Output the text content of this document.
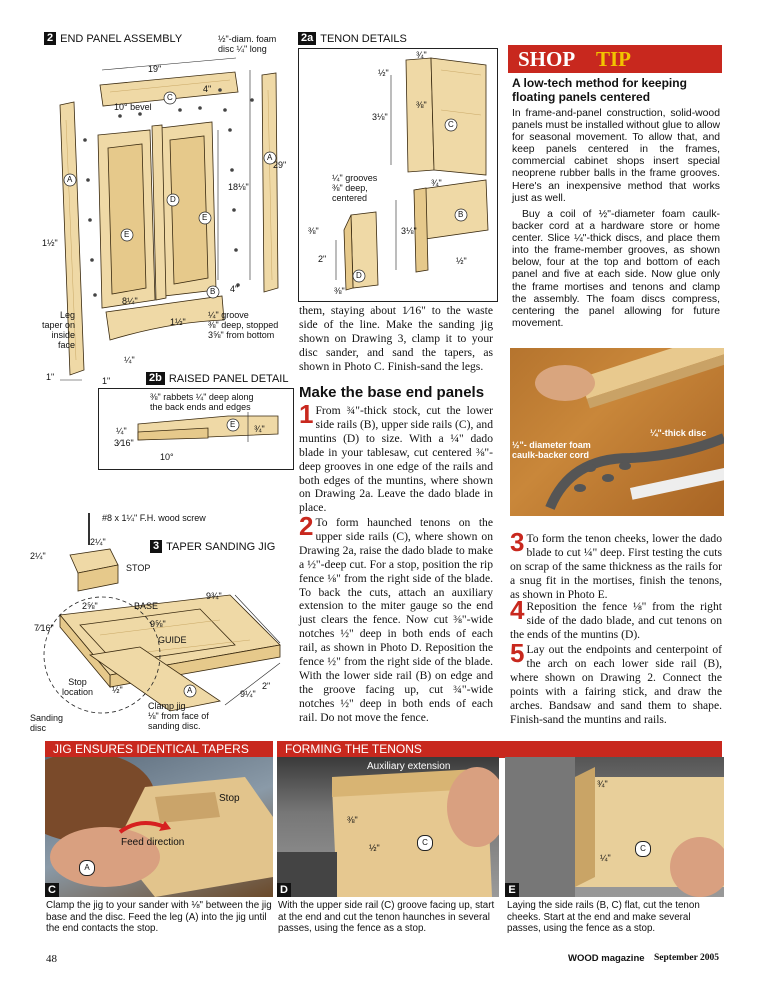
2 END PANEL ASSEMBLY
C
A
A
E
D
E
B
½"-diam. foam
disc ¼" long
19"
10° bevel
4"
29"
18⅛"
1½"
8¼"
4"
¼" groove
⅜" deep, stopped
3⅝" from bottom
1½"
Leg
taper on
inside
face
¼"
1"	1"
2a TENON DETAILS
C
B
D
¾"
½"
⅜"
3⅛"
¼" grooves
⅜" deep,
centered
¾"
3⅛"
⅜"
2"	½"
⅜"
2b RAISED PANEL DETAIL
E
⅜" rabbets ¼" deep along
the back ends and edges
¼"
3⁄16"
10°
¾"
3 TAPER SANDING JIG
A
#8 x 1¼" F.H. wood screw
2¼"
2¼"
STOP
2⅝"
9¾"
BASE
9⅝"
GUIDE
7⁄16"
Stop
location ½"	2"
9¼"
Clamp jig
⅛" from face of
sanding disc.
Sanding
disc
them, staying about 1⁄16" to the waste side of the line. Make the sanding jig shown on Drawing 3, clamp it to your disc sander, and sand the tapers, as shown in Photo C. Finish-sand the legs.
Make the base end panels
1 From ¾"-thick stock, cut the lower side rails (B), upper side rails (C), and muntins (D) to size. With a ¼" dado blade in your tablesaw, cut centered ⅜"-deep grooves in one edge of the rails and both edges of the muntins, where shown on Drawing 2a. Leave the dado blade in place.
2 To form haunched tenons on the upper side rails (C), where shown on Drawing 2a, raise the dado blade to make a ½"-deep cut. For a stop, position the rip fence ⅛" from the right side of the blade. To back the cuts, attach an auxiliary extension to the miter gauge so the end just clears the fence. Now cut ⅜"-wide notches ½" deep in both ends of each rail, as shown in Photo D. Reposition the fence ½" from the right side of the blade. With the lower side rail (B) on edge and the groove facing up, cut ¾"-wide notches ½" deep in both ends of each rail. Do not move the fence.
SHOP TIP
A low-tech method for keeping floating panels centered
In frame-and-panel construction, solid-wood panels must be installed without glue to allow for seasonal movement. To allow that, and keep panels centered in the frames, commercial cabinet shops insert special neoprene rubber balls in the frame grooves. Here's an inexpensive method that works just as well.
Buy a coil of ½"-diameter foam caulk-backer cord at a hardware store or home center. Slice ¼"-thick discs, and place them into the frame-member grooves, as shown below, four at the top and bottom of each panel and five at each side. Now glue only the frame mortises and tenons and clamp the assembly. The foam discs compress, centering the panel allowing for future movement.
½"- diameter foam caulk-backer cord
¼"-thick disc
3 To form the tenon cheeks, lower the dado blade to cut ¼" deep. First testing the cuts on scrap of the same thickness as the rails for a snug fit in the mortises, finish the tenons, as shown in Photo E.
4 Reposition the fence ⅛" from the right side of the dado blade, and cut tenons on the ends of the muntins (D).
5 Lay out the endpoints and centerpoint of the arch on each lower side rail (B), where shown on Drawing 2. Connect the points with a fairing stick, and draw the arches. Bandsaw and sand them to shape. Finish-sand the muntins and rails.
JIG ENSURES IDENTICAL TAPERS	FORMING THE TENONS
Stop
Feed direction
A
C
Auxiliary extension
⅜"
½"
C
D
¾"
¼"
C
E
Clamp the jig to your sander with ⅛" between the jig base and the disc. Feed the leg (A) into the jig until the end contacts the stop.
With the upper side rail (C) groove facing up, start at the end and cut the tenon haunches in several passes, using the fence as a stop.
Laying the side rails (B, C) flat, cut the tenon cheeks. Start at the end and make several passes, using the fence as a stop.
48	WOOD magazine September 2005
